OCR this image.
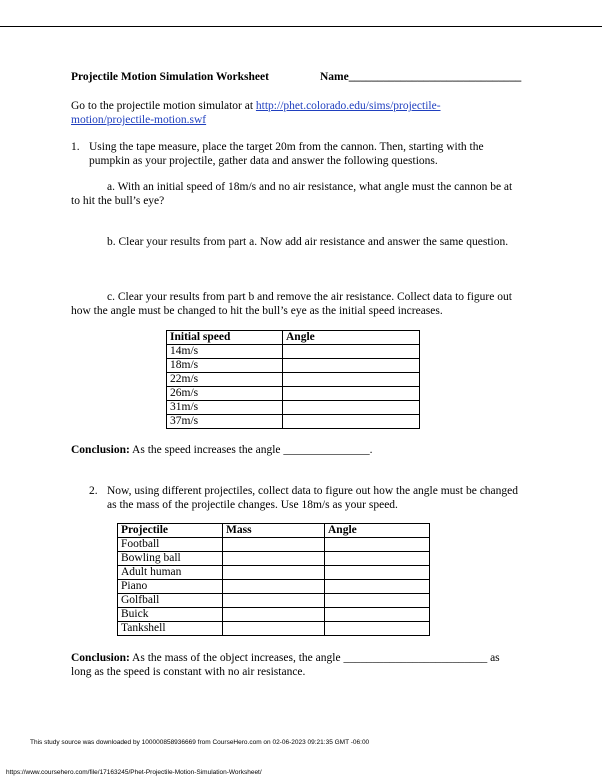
Projectile Motion Simulation Worksheet	Name______________________________
Go to the projectile motion simulator at http://phet.colorado.edu/sims/projectile-
motion/projectile-motion.swf
1. Using the tape measure, place the target 20m from the cannon. Then, starting with the
pumpkin as your projectile, gather data and answer the following questions.
a. With an initial speed of 18m/s and no air resistance, what angle must the cannon be at
to hit the bull’s eye?
b. Clear your results from part a. Now add air resistance and answer the same question.
c. Clear your results from part b and remove the air resistance. Collect data to figure out
how the angle must be changed to hit the bull’s eye as the initial speed increases.
Initial speed	Angle
14m/s	
18m/s	
22m/s	
26m/s	
31m/s	
37m/s	
Conclusion: As the speed increases the angle _______________.
2. Now, using different projectiles, collect data to figure out how the angle must be changed
as the mass of the projectile changes. Use 18m/s as your speed.
Projectile	Mass	Angle
Football		
Bowling ball		
Adult human		
Piano		
Golfball		
Buick		
Tankshell		
Conclusion: As the mass of the object increases, the angle _________________________ as
long as the speed is constant with no air resistance.
This study source was downloaded by 100000858936669 from CourseHero.com on 02-06-2023 09:21:35 GMT -06:00
https://www.coursehero.com/file/17163245/Phet-Projectile-Motion-Simulation-Worksheet/
